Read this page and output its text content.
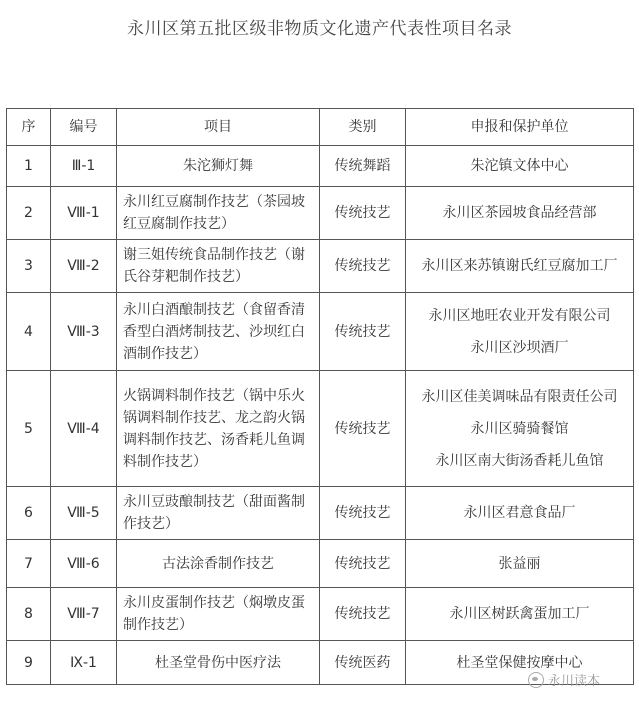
永川区第五批区级非物质文化遗产代表性项目名录
序	编号	项目	类别	申报和保护单位
1	Ⅲ-1	朱沱狮灯舞	传统舞蹈	朱沱镇文体中心

2	Ⅷ-1	永川红豆腐制作技艺（茶园坡红豆腐制作技艺）	传统技艺	永川区茶园坡食品经营部

3	Ⅷ-2	谢三姐传统食品制作技艺（谢氏谷芽粑制作技艺）	传统技艺	永川区来苏镇谢氏红豆腐加工厂

4	Ⅷ-3	永川白酒酿制技艺（食留香清香型白酒烤制技艺、沙坝红白酒制作技艺）	传统技艺	永川区地旺农业开发有限公司
永川区沙坝酒厂

5	Ⅷ-4	火锅调料制作技艺（锅中乐火锅调料制作技艺、龙之韵火锅调料制作技艺、汤香耗儿鱼调料制作技艺）	传统技艺	永川区佳美调味品有限责任公司
永川区骑骑餐馆
永川区南大街汤香耗儿鱼馆

6	Ⅷ-5	永川豆豉酿制技艺（甜面酱制作技艺）	传统技艺	永川区君意食品厂

7	Ⅷ-6	古法涂香制作技艺	传统技艺	张益丽

8	Ⅷ-7	永川皮蛋制作技艺（焖墩皮蛋制作技艺）	传统技艺	永川区树跃禽蛋加工厂

9	Ⅸ-1	杜圣堂骨伤中医疗法	传统医药	杜圣堂保健按摩中心
永川读本
